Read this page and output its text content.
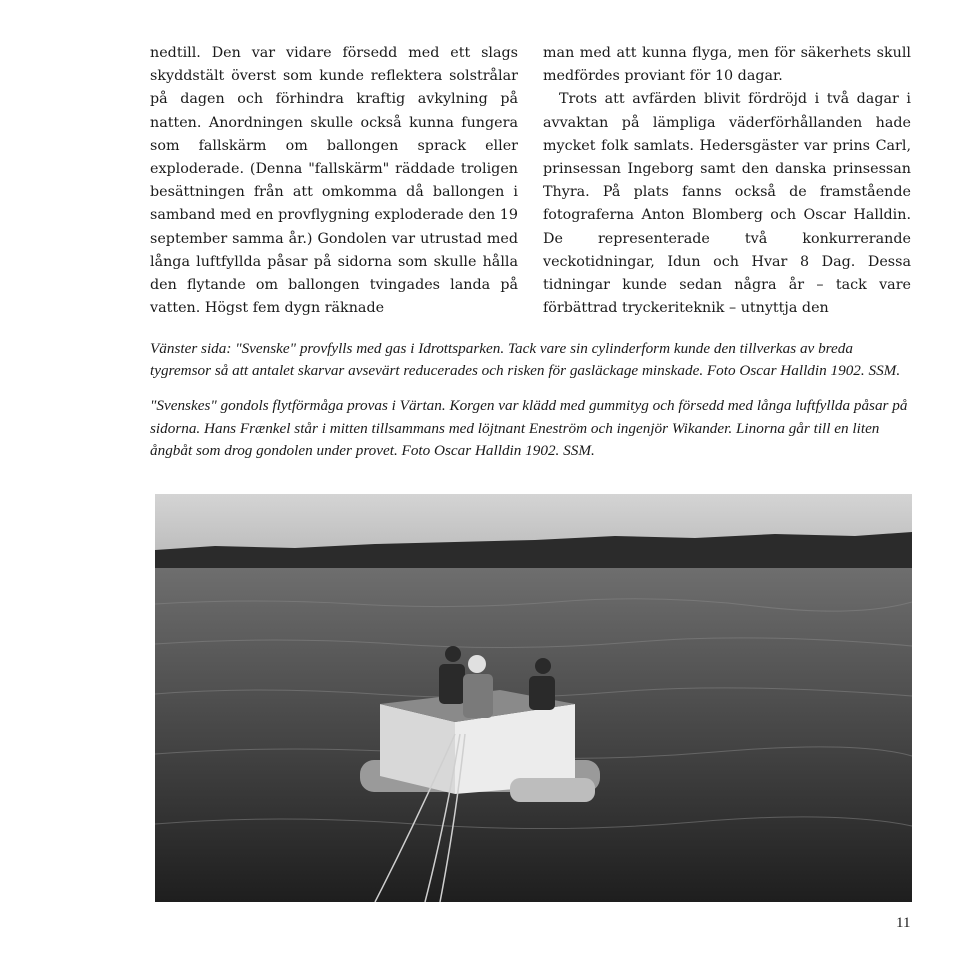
nedtill. Den var vidare försedd med ett slags skyddstält överst som kunde reflektera solstrålar på dagen och förhindra kraftig avkylning på natten. Anordningen skulle också kunna fungera som fallskärm om ballongen sprack eller exploderade. (Denna "fallskärm" räddade troligen besättningen från att omkomma då ballongen i samband med en provflygning exploderade den 19 september samma år.) Gondolen var utrustad med långa luftfyllda påsar på sidorna som skulle hålla den flytande om ballongen tvingades landa på vatten. Högst fem dygn räknade

man med att kunna flyga, men för säkerhets skull medfördes proviant för 10 dagar.

Trots att avfärden blivit fördröjd i två dagar i avvaktan på lämpliga väderförhållanden hade mycket folk samlats. Hedersgäster var prins Carl, prinsessan Ingeborg samt den danska prinsessan Thyra. På plats fanns också de framstående fotograferna Anton Blomberg och Oscar Halldin. De representerade två konkurrerande veckotidningar, Idun och Hvar 8 Dag. Dessa tidningar kunde sedan några år – tack vare förbättrad tryckeriteknik – utnyttja den

Vänster sida: "Svenske" provfylls med gas i Idrottsparken. Tack vare sin cylinderform kunde den tillverkas av breda tygremsor så att antalet skarvar avsevärt reducerades och risken för gasläckage minskade. Foto Oscar Halldin 1902. SSM.

"Svenskes" gondols flytförmåga provas i Värtan. Korgen var klädd med gummityg och försedd med långa luftfyllda påsar på sidorna. Hans Frænkel står i mitten tillsammans med löjtnant Eneström och ingenjör Wikander. Linorna går till en liten ångbåt som drog gondolen under provet. Foto Oscar Halldin 1902. SSM.

11
